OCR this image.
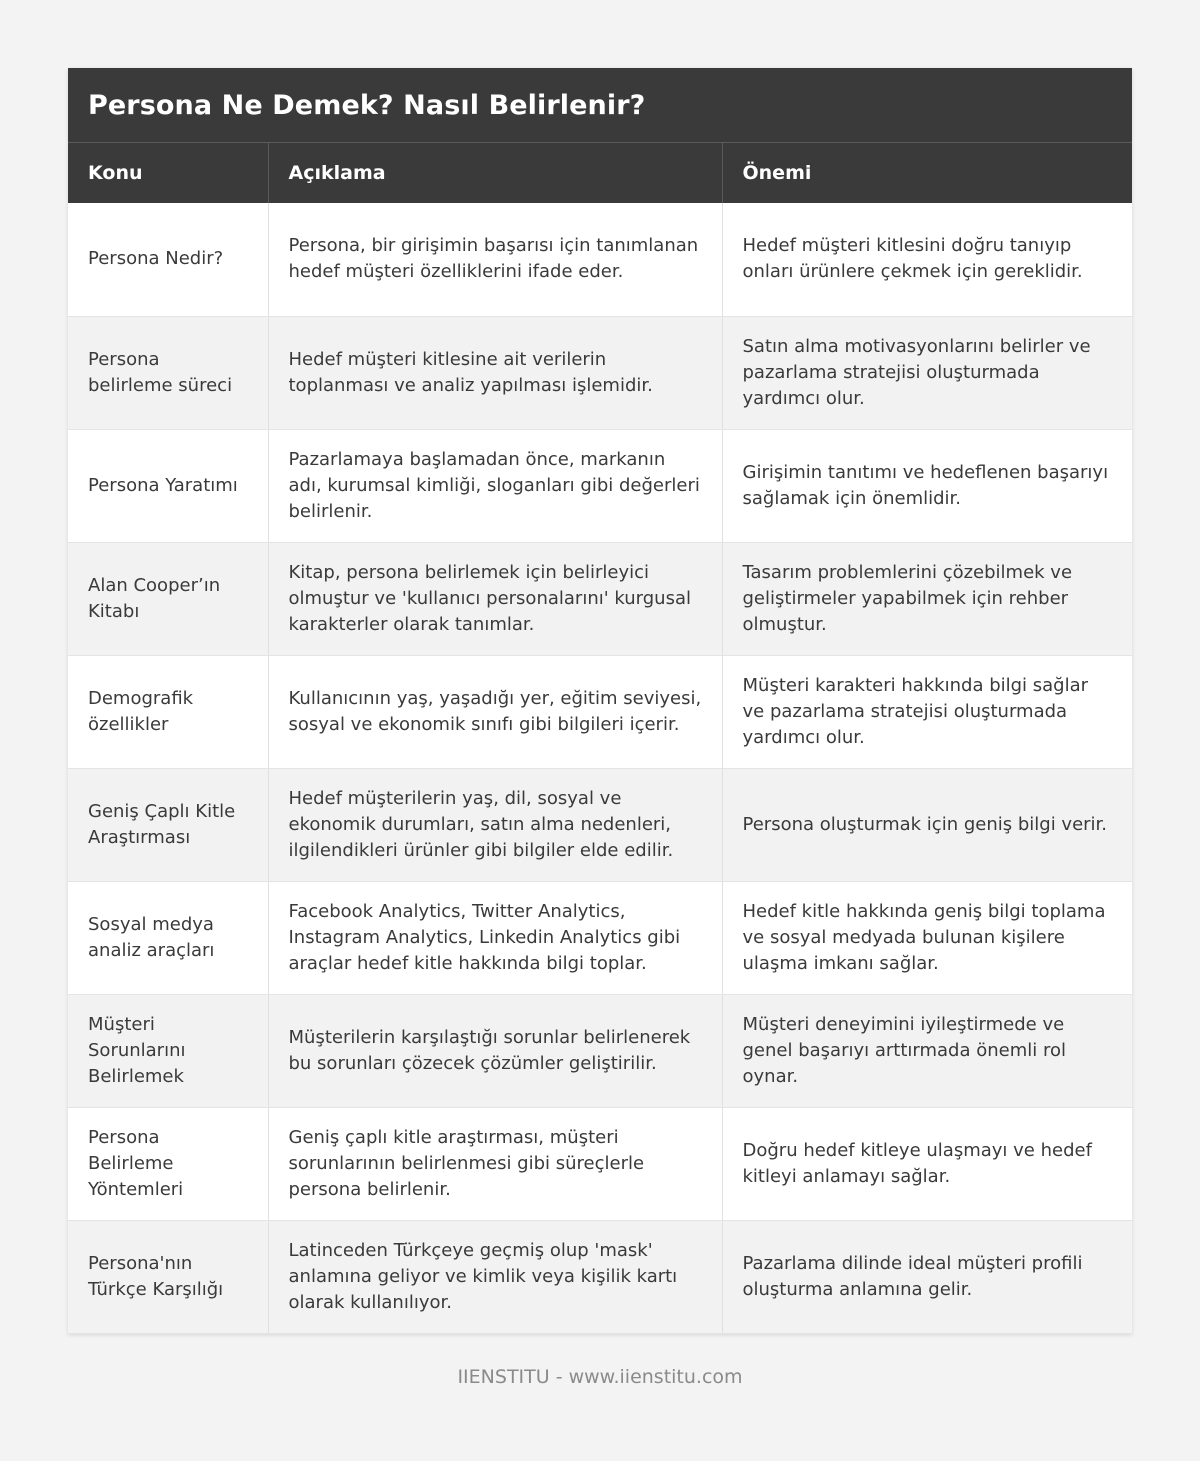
Persona Ne Demek? Nasıl Belirlenir?
Konu	Açıklama	Önemi
Persona Nedir?	Persona, bir girişimin başarısı için tanımlanan hedef müşteri özelliklerini ifade eder.	Hedef müşteri kitlesini doğru tanıyıp onları ürünlere çekmek için gereklidir.
Persona belirleme süreci	Hedef müşteri kitlesine ait verilerin toplanması ve analiz yapılması işlemidir.	Satın alma motivasyonlarını belirler ve pazarlama stratejisi oluşturmada yardımcı olur.
Persona Yaratımı	Pazarlamaya başlamadan önce, markanın adı, kurumsal kimliği, sloganları gibi değerleri belirlenir.	Girişimin tanıtımı ve hedeflenen başarıyı sağlamak için önemlidir.
Alan Cooper’ın Kitabı	Kitap, persona belirlemek için belirleyici olmuştur ve 'kullanıcı personalarını' kurgusal karakterler olarak tanımlar.	Tasarım problemlerini çözebilmek ve geliştirmeler yapabilmek için rehber olmuştur.
Demografik özellikler	Kullanıcının yaş, yaşadığı yer, eğitim seviyesi, sosyal ve ekonomik sınıfı gibi bilgileri içerir.	Müşteri karakteri hakkında bilgi sağlar ve pazarlama stratejisi oluşturmada yardımcı olur.
Geniş Çaplı Kitle Araştırması	Hedef müşterilerin yaş, dil, sosyal ve ekonomik durumları, satın alma nedenleri, ilgilendikleri ürünler gibi bilgiler elde edilir.	Persona oluşturmak için geniş bilgi verir.
Sosyal medya analiz araçları	Facebook Analytics, Twitter Analytics, Instagram Analytics, Linkedin Analytics gibi araçlar hedef kitle hakkında bilgi toplar.	Hedef kitle hakkında geniş bilgi toplama ve sosyal medyada bulunan kişilere ulaşma imkanı sağlar.
Müşteri Sorunlarını Belirlemek	Müşterilerin karşılaştığı sorunlar belirlenerek bu sorunları çözecek çözümler geliştirilir.	Müşteri deneyimini iyileştirmede ve genel başarıyı arttırmada önemli rol oynar.
Persona Belirleme Yöntemleri	Geniş çaplı kitle araştırması, müşteri sorunlarının belirlenmesi gibi süreçlerle persona belirlenir.	Doğru hedef kitleye ulaşmayı ve hedef kitleyi anlamayı sağlar.
Persona'nın Türkçe Karşılığı	Latinceden Türkçeye geçmiş olup 'mask' anlamına geliyor ve kimlik veya kişilik kartı olarak kullanılıyor.	Pazarlama dilinde ideal müşteri profili oluşturma anlamına gelir.
IIENSTITU - www.iienstitu.com
